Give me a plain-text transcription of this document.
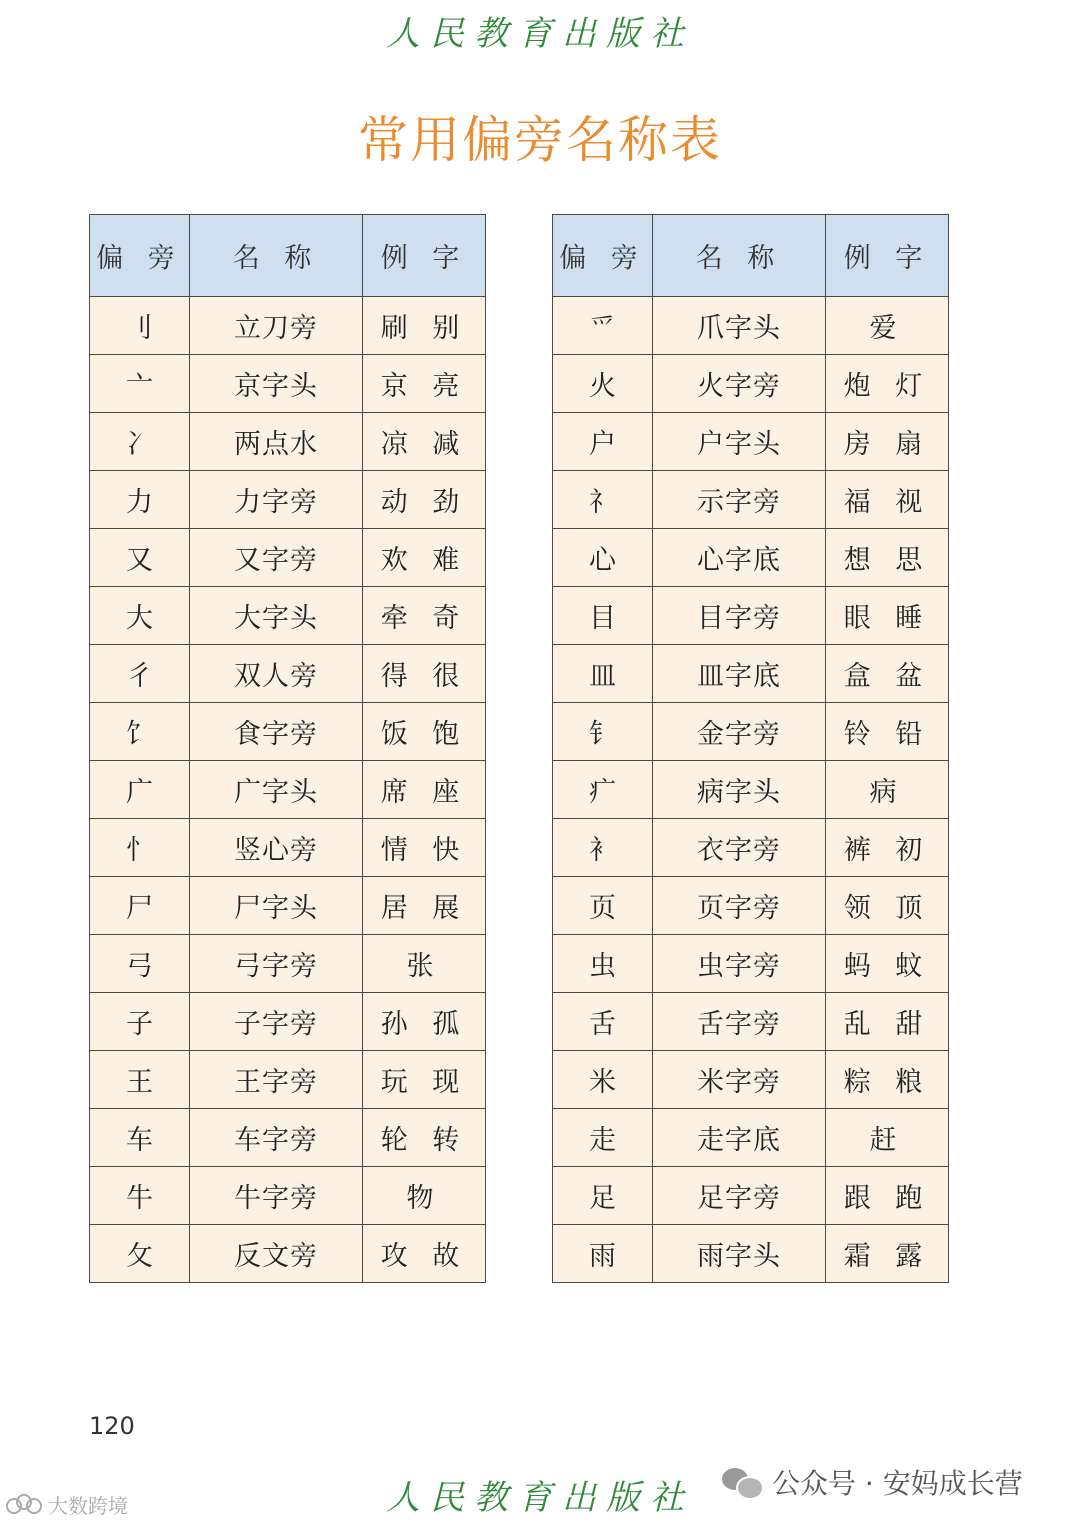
人民教育出版社
常用偏旁名称表
偏 旁	名 称	例 字
刂	立刀旁	刷 别
亠	京字头	京 亮
冫	两点水	凉 减
力	力字旁	动 劲
又	又字旁	欢 难
大	大字头	牵 奇
彳	双人旁	得 很
饣	食字旁	饭 饱
广	广字头	席 座
忄	竖心旁	情 快
尸	尸字头	居 展
弓	弓字旁	张
子	子字旁	孙 孤
王	王字旁	玩 现
车	车字旁	轮 转
牛	牛字旁	物
攵	反文旁	攻 故
偏 旁	名 称	例 字
爫	爪字头	爱
火	火字旁	炮 灯
户	户字头	房 扇
礻	示字旁	福 视
心	心字底	想 思
目	目字旁	眼 睡
皿	皿字底	盒 盆
钅	金字旁	铃 铅
疒	病字头	病
衤	衣字旁	裤 初
页	页字旁	领 顶
虫	虫字旁	蚂 蚊
舌	舌字旁	乱 甜
米	米字旁	粽 粮
走	走字底	赶
足	足字旁	跟 跑
雨	雨字头	霜 露
120
人民教育出版社	公众号 · 安妈成长营
大数跨境
